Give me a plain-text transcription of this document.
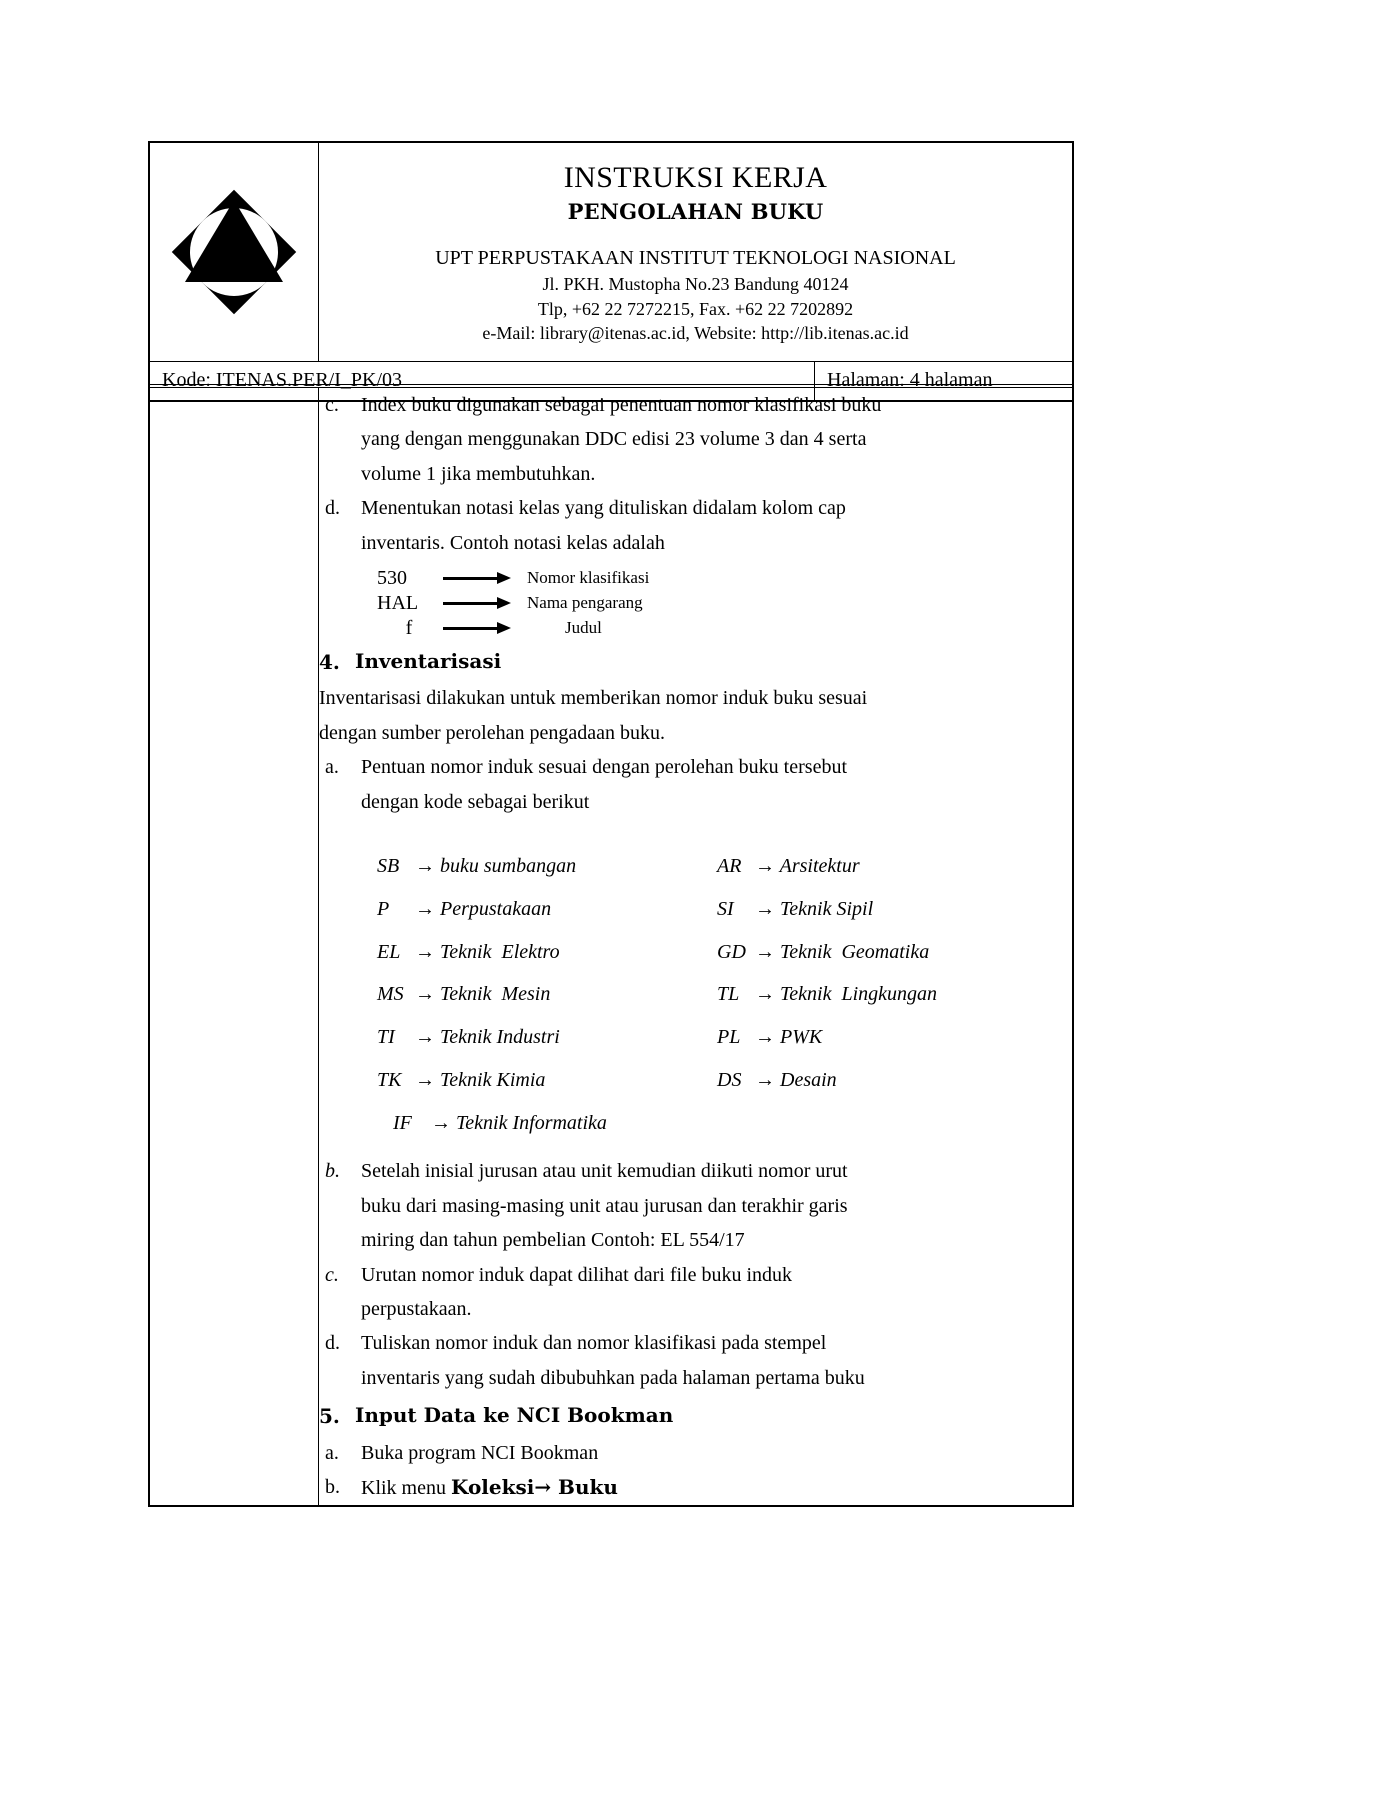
INSTRUKSI KERJA
PENGOLAHAN BUKU
UPT PERPUSTAKAAN INSTITUT TEKNOLOGI NASIONAL
Jl. PKH. Mustopha No.23 Bandung 40124
Tlp, +62 22 7272215, Fax. +62 22 7202892
e-Mail: library@itenas.ac.id, Website: http://lib.itenas.ac.id
Kode: ITENAS.PER/I_PK/03	Halaman: 4 halaman

c.	Index buku digunakan sebagai penentuan nomor klasifikasi buku
yang dengan menggunakan DDC edisi 23 volume 3 dan 4 serta
volume 1 jika membutuhkan.
d.	Menentukan notasi kelas yang dituliskan didalam kolom cap
inventaris. Contoh notasi kelas adalah
530	Nomor klasifikasi
HAL	Nama pengarang
f	Judul
4. Inventarisasi
Inventarisasi dilakukan untuk memberikan nomor induk buku sesuai
dengan sumber perolehan pengadaan buku.
a.	Pentuan nomor induk sesuai dengan perolehan buku tersebut
dengan kode sebagai berikut
SB → buku sumbangan	AR → Arsitektur
P → Perpustakaan	SI → Teknik Sipil
EL → Teknik  Elektro	GD → Teknik  Geomatika
MS → Teknik  Mesin	TL → Teknik  Lingkungan
TI → Teknik Industri	PL → PWK
TK → Teknik Kimia	DS → Desain
IF → Teknik Informatika
b.	Setelah inisial jurusan atau unit kemudian diikuti nomor urut
buku dari masing-masing unit atau jurusan dan terakhir garis
miring dan tahun pembelian Contoh: EL 554/17
c.	Urutan nomor induk dapat dilihat dari file buku induk
perpustakaan.
d.	Tuliskan nomor induk dan nomor klasifikasi pada stempel
inventaris yang sudah dibubuhkan pada halaman pertama buku
5. Input Data ke NCI Bookman
a.	Buka program NCI Bookman
b.	Klik menu Koleksi→ Buku
